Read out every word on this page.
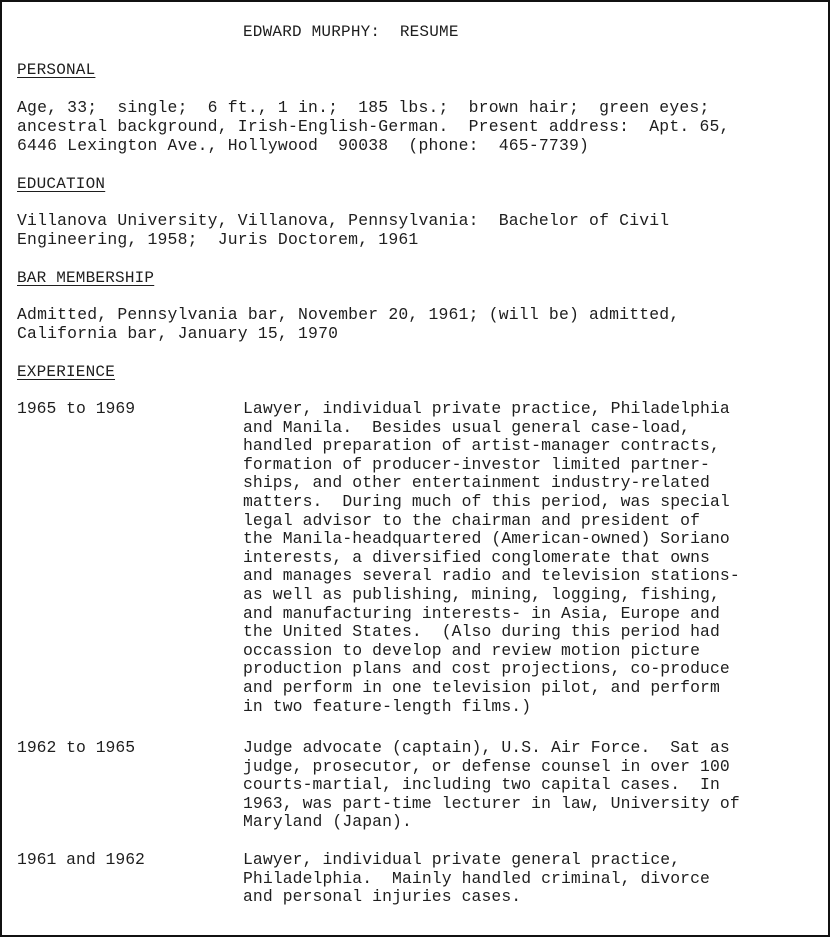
EDWARD MURPHY:  RESUME
PERSONAL
Age, 33;  single;  6 ft., 1 in.;  185 lbs.;  brown hair;  green eyes;
ancestral background, Irish-English-German.  Present address:  Apt. 65,
6446 Lexington Ave., Hollywood  90038  (phone:  465-7739)
EDUCATION
Villanova University, Villanova, Pennsylvania:  Bachelor of Civil
Engineering, 1958;  Juris Doctorem, 1961
BAR MEMBERSHIP
Admitted, Pennsylvania bar, November 20, 1961; (will be) admitted,
California bar, January 15, 1970
EXPERIENCE
1965 to 1969	Lawyer, individual private practice, Philadelphia
and Manila.  Besides usual general case-load,
handled preparation of artist-manager contracts,
formation of producer-investor limited partner-
ships, and other entertainment industry-related
matters.  During much of this period, was special
legal advisor to the chairman and president of
the Manila-headquartered (American-owned) Soriano
interests, a diversified conglomerate that owns
and manages several radio and television stations-
as well as publishing, mining, logging, fishing,
and manufacturing interests- in Asia, Europe and
the United States.  (Also during this period had
occassion to develop and review motion picture
production plans and cost projections, co-produce
and perform in one television pilot, and perform
in two feature-length films.)
1962 to 1965	Judge advocate (captain), U.S. Air Force.  Sat as
judge, prosecutor, or defense counsel in over 100
courts-martial, including two capital cases.  In
1963, was part-time lecturer in law, University of
Maryland (Japan).
1961 and 1962	Lawyer, individual private general practice,
Philadelphia.  Mainly handled criminal, divorce
and personal injuries cases.
